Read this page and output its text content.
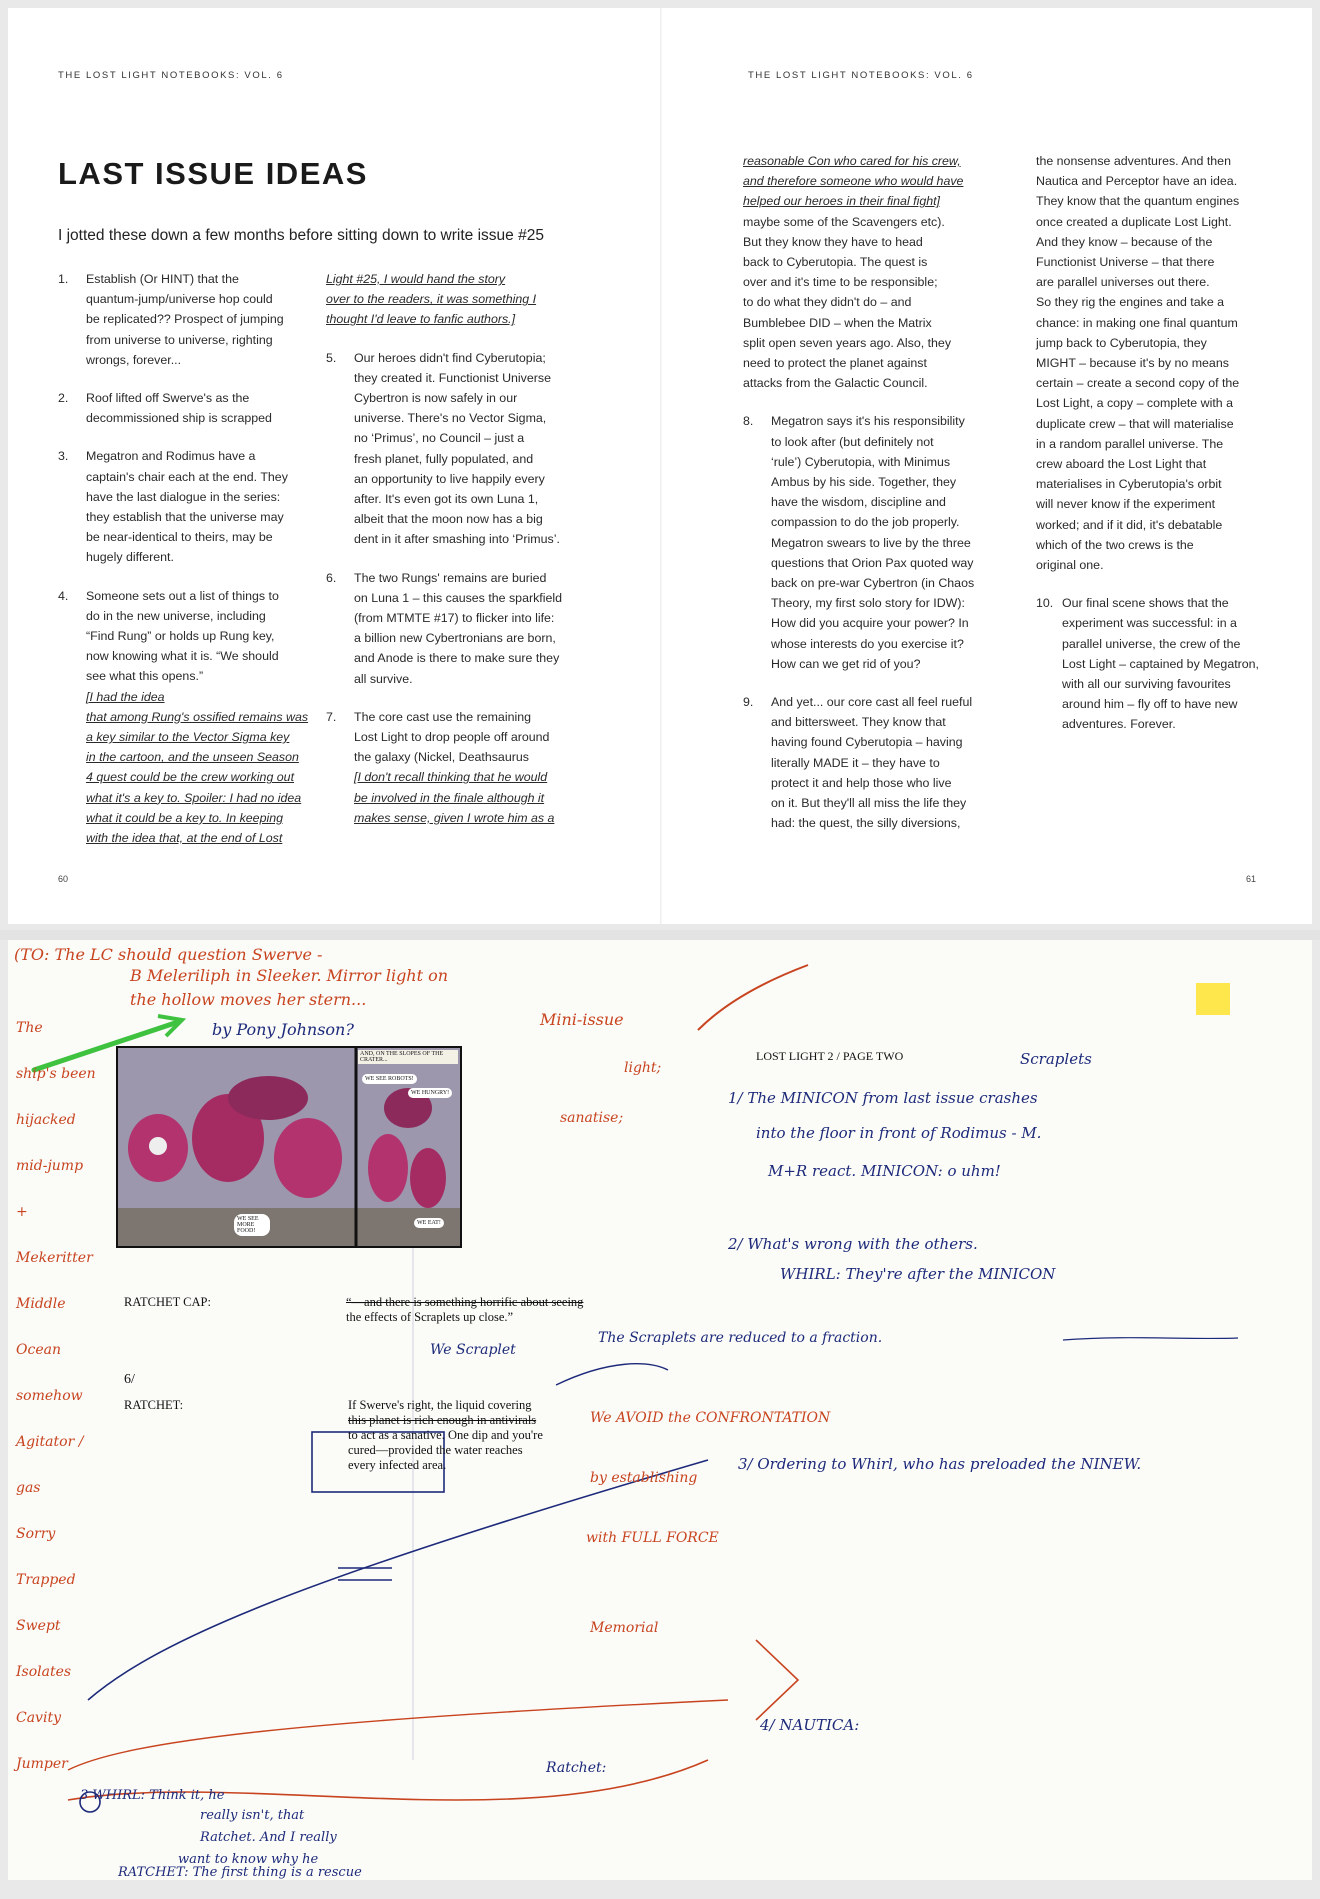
THE LOST LIGHT NOTEBOOKS: VOL. 6	THE LOST LIGHT NOTEBOOKS: VOL. 6
LAST ISSUE IDEAS

I jotted these down a few months before sitting down to write issue #25

1. Establish (Or HINT) that the
quantum-jump/universe hop could
be replicated?? Prospect of jumping
from universe to universe, righting
wrongs, forever...
2. Roof lifted off Swerve's as the
decommissioned ship is scrapped
3. Megatron and Rodimus have a
captain's chair each at the end. They
have the last dialogue in the series:
they establish that the universe may
be near-identical to theirs, may be
hugely different.
4. Someone sets out a list of things to
do in the new universe, including
“Find Rung” or holds up Rung key,
now knowing what it is. “We should
see what this opens.”
[I had the idea
that among Rung's ossified remains was
a key similar to the Vector Sigma key
in the cartoon, and the unseen Season
4 quest could be the crew working out
what it's a key to. Spoiler: I had no idea
what it could be a key to. In keeping
with the idea that, at the end of Lost
Light #25, I would hand the story
over to the readers, it was something I
thought I'd leave to fanfic authors.]
5. Our heroes didn't find Cyberutopia;
they created it. Functionist Universe
Cybertron is now safely in our
universe. There's no Vector Sigma,
no ‘Primus’, no Council – just a
fresh planet, fully populated, and
an opportunity to live happily every
after. It's even got its own Luna 1,
albeit that the moon now has a big
dent in it after smashing into ‘Primus’.
6. The two Rungs' remains are buried
on Luna 1 – this causes the sparkfield
(from MTMTE #17) to flicker into life:
a billion new Cybertronians are born,
and Anode is there to make sure they
all survive.
7. The core cast use the remaining
Lost Light to drop people off around
the galaxy (Nickel, Deathsaurus
[I don't recall thinking that he would
be involved in the finale although it
makes sense, given I wrote him as a
reasonable Con who cared for his crew,
and therefore someone who would have
helped our heroes in their final fight]
maybe some of the Scavengers etc).
But they know they have to head
back to Cyberutopia. The quest is
over and it's time to be responsible;
to do what they didn't do – and
Bumblebee DID – when the Matrix
split open seven years ago. Also, they
need to protect the planet against
attacks from the Galactic Council.
8. Megatron says it's his responsibility
to look after (but definitely not
‘rule’) Cyberutopia, with Minimus
Ambus by his side. Together, they
have the wisdom, discipline and
compassion to do the job properly.
Megatron swears to live by the three
questions that Orion Pax quoted way
back on pre-war Cybertron (in Chaos
Theory, my first solo story for IDW):
How did you acquire your power? In
whose interests do you exercise it?
How can we get rid of you?
9. And yet... our core cast all feel rueful
and bittersweet. They know that
having found Cyberutopia – having
literally MADE it – they have to
protect it and help those who live
on it. But they'll all miss the life they
had: the quest, the silly diversions,
the nonsense adventures. And then
Nautica and Perceptor have an idea.
They know that the quantum engines
once created a duplicate Lost Light.
And they know – because of the
Functionist Universe – that there
are parallel universes out there.
So they rig the engines and take a
chance: in making one final quantum
jump back to Cyberutopia, they
MIGHT – because it's by no means
certain – create a second copy of the
Lost Light, a copy – complete with a
duplicate crew – that will materialise
in a random parallel universe. The
crew aboard the Lost Light that
materialises in Cyberutopia's orbit
will never know if the experiment
worked; and if it did, it's debatable
which of the two crews is the
original one.
10. Our final scene shows that the
experiment was successful: in a
parallel universe, the crew of the
Lost Light – captained by Megatron,
with all our surviving favourites
around him – fly off to have new
adventures. Forever.
60	61
AND, ON THE SLOPES OF THE CRATER...
WE SEE ROBOTS!
WE HUNGRY!
WE SEE MORE FOOD!
WE EAT!
LOST LIGHT 2 / PAGE TWO
RATCHET CAP:	“—and there is something horrific about seeing the effects of Scraplets up close.”
RATCHET:	If Swerve's right, the liquid covering
this planet is rich enough in antivirals
to act as a sanative. One dip and you're
cured—provided the water reaches
every infected area.
6/
The
ship's been
hijacked
mid-jump
+
Mekeritter
Middle
Ocean
somehow
Agitator /
gas
Sorry
Trapped
Swept
Isolates
Cavity
Jumper
(TO: The LC should question Swerve -
B Meleriliph in Sleeker. Mirror light on
the hollow moves her stern...
by Pony Johnson?
Mini-issue
1/ The MINICON from last issue crashes
into the floor in front of Rodimus - M.
M+R react. MINICON: o uhm!
2/ What's wrong with the others.
WHIRL: They're after the MINICON
3/ Ordering to Whirl, who has preloaded the NINEW.
4/ NAUTICA:
Scraplets
light;
sanatise;
We AVOID the CONFRONTATION
by establishing
with FULL FORCE
Memorial
Ratchet:
The Scraplets are reduced to a fraction.
We Scraplet
3 WHIRL: Think it, he
really isn't, that
Ratchet. And I really
want to know why he
RATCHET: The first thing is a rescue
